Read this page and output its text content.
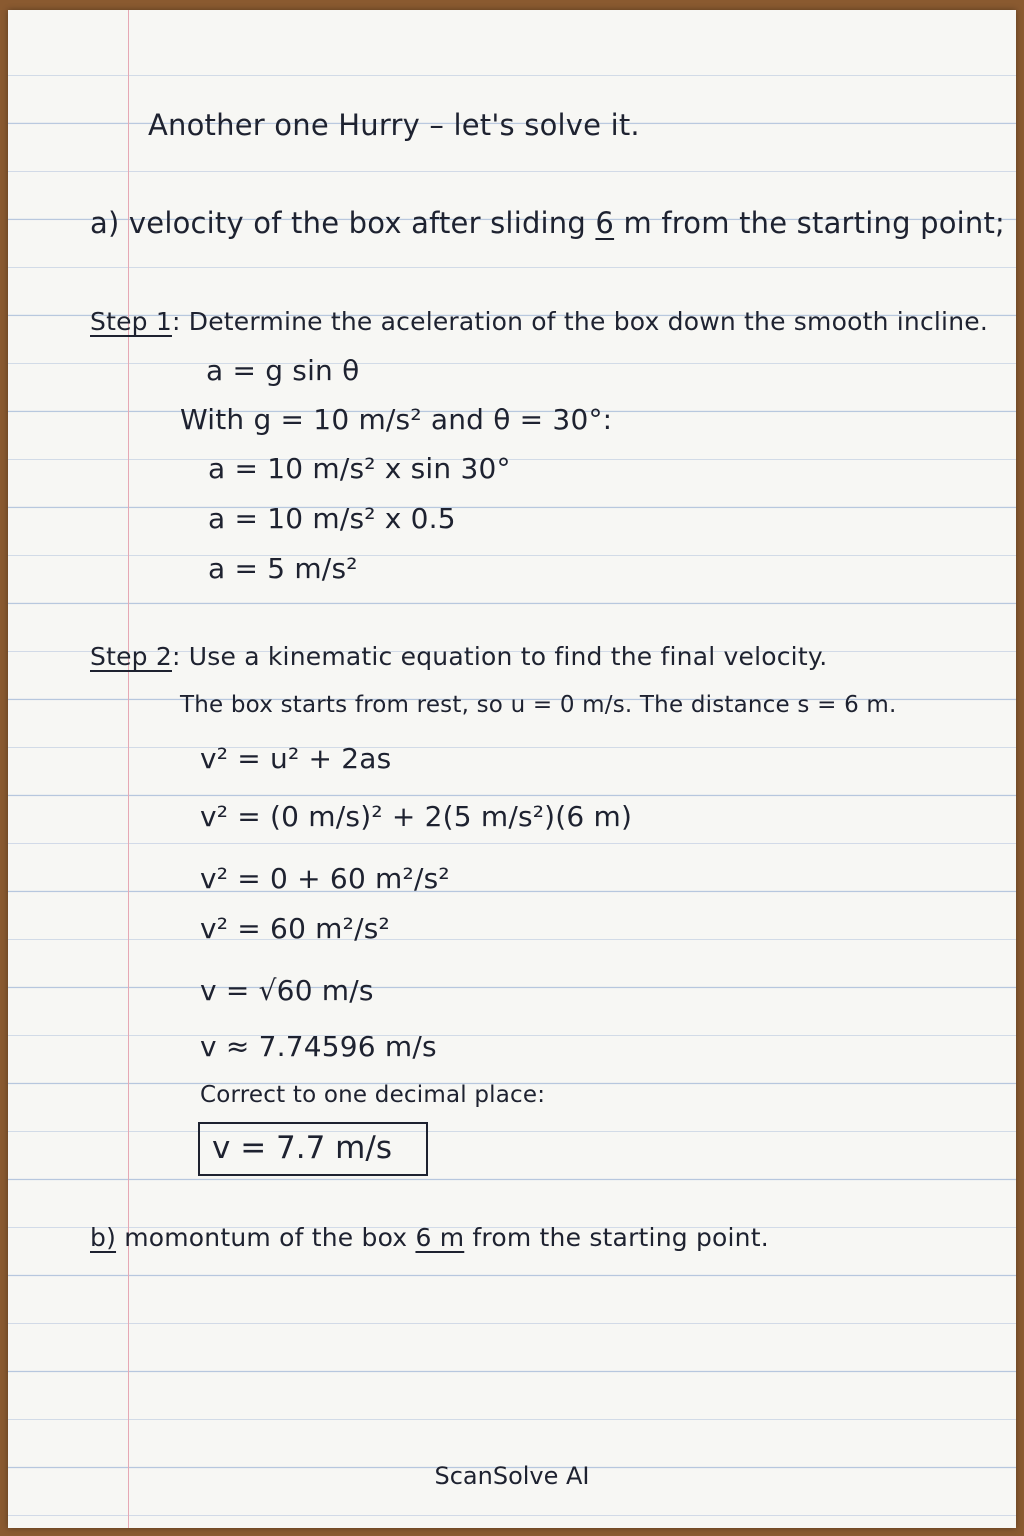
Another one Hurry – let's solve it.
a) velocity of the box after sliding 6 m from the starting point;
Step 1: Determine the aceleration of the box down the smooth incline.
a = g sin θ
With g = 10 m/s² and θ = 30°:
a = 10 m/s² x sin 30°
a = 10 m/s² x 0.5
a = 5 m/s²
Step 2: Use a kinematic equation to find the final velocity.
The box starts from rest, so u = 0 m/s. The distance s = 6 m.
v² = u² + 2as
v² = (0 m/s)² + 2(5 m/s²)(6 m)
v² = 0 + 60 m²/s²
v² = 60 m²/s²
v = √60 m/s
v ≈ 7.74596 m/s
Correct to one decimal place:
v = 7.7 m/s
b) momontum of the box 6 m from the starting point.
ScanSolve AI
